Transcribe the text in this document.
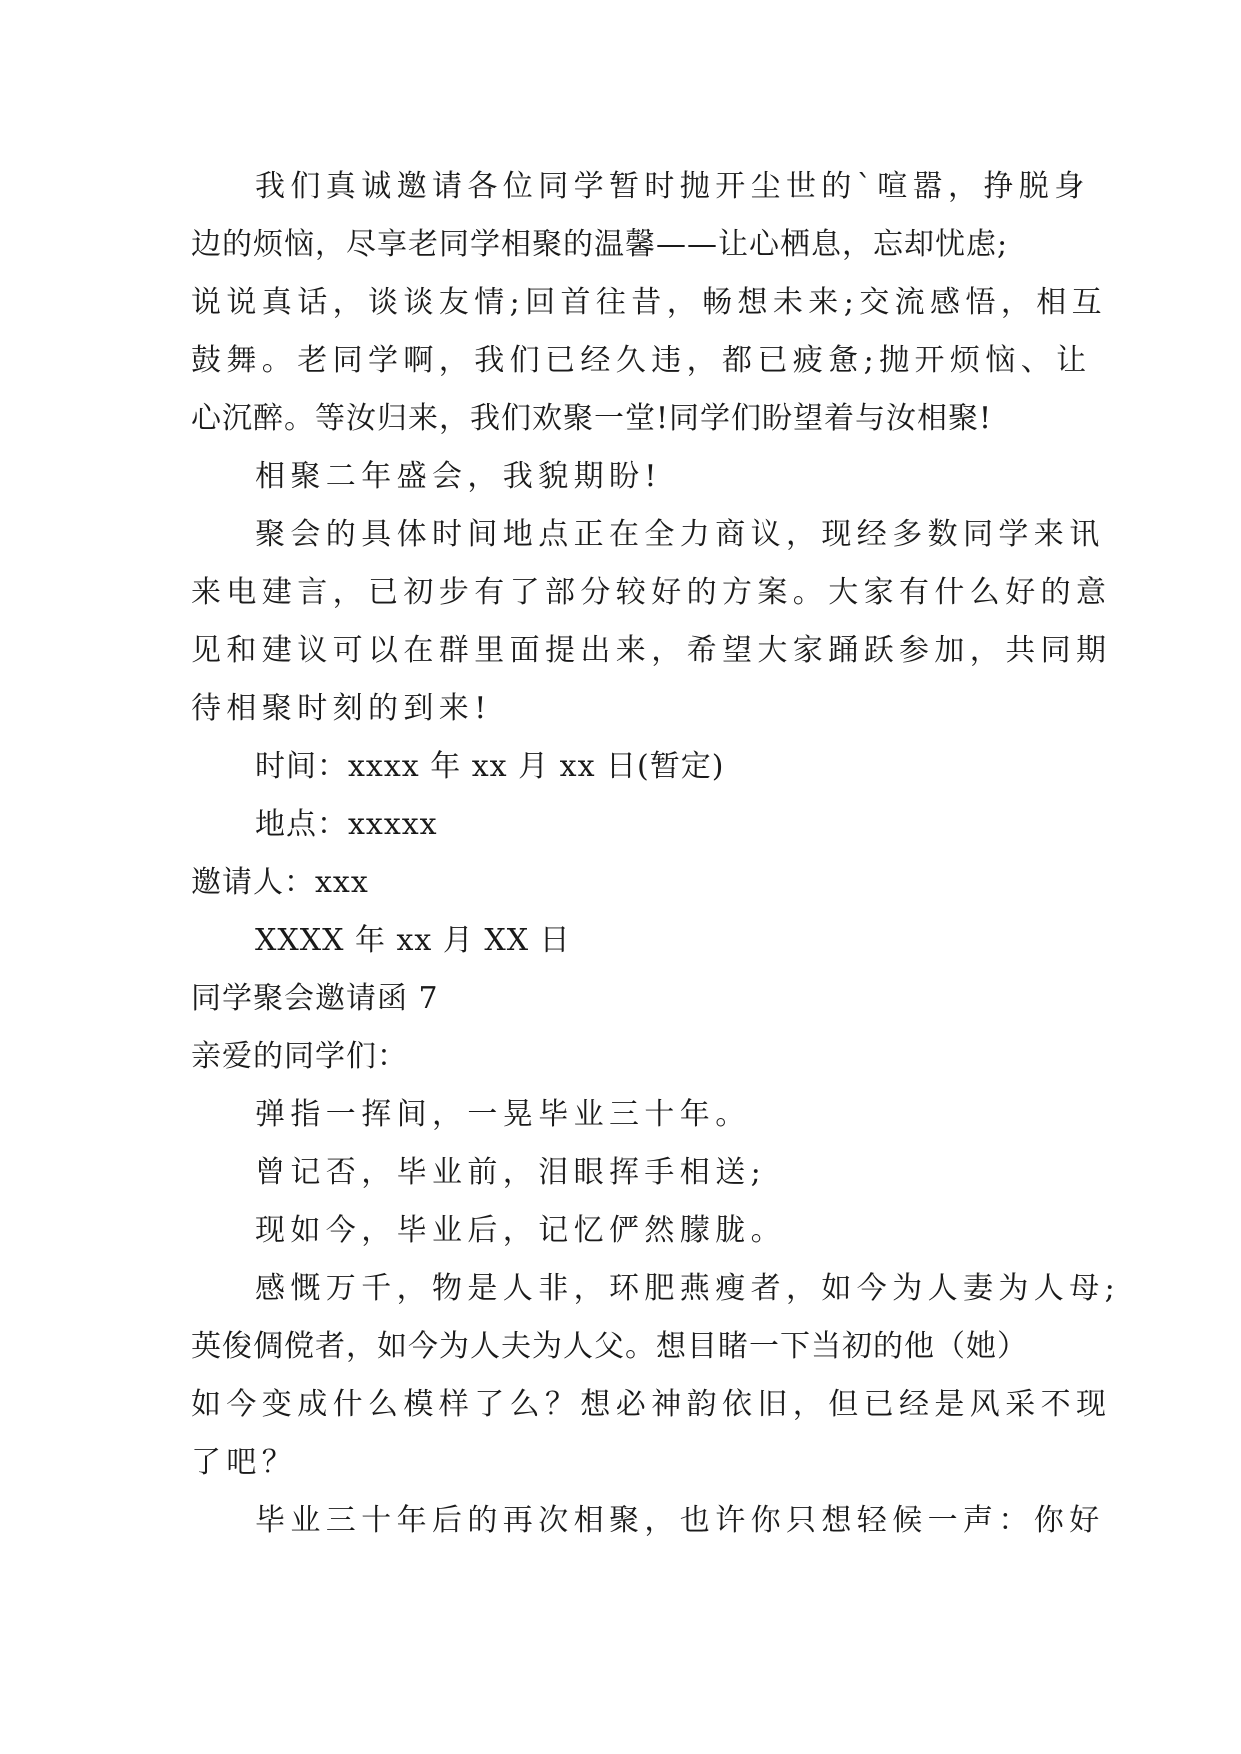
我们真诚邀请各位同学暂时抛开尘世的`喧嚣，挣脱身
边的烦恼，尽享老同学相聚的温馨——让心栖息，忘却忧虑;
说说真话，谈谈友情;回首往昔，畅想未来;交流感悟，相互
鼓舞。老同学啊，我们已经久违，都已疲惫;抛开烦恼、让
心沉醉。等汝归来，我们欢聚一堂!同学们盼望着与汝相聚!
相聚二年盛会，我貌期盼!
聚会的具体时间地点正在全力商议，现经多数同学来讯
来电建言，已初步有了部分较好的方案。大家有什么好的意
见和建议可以在群里面提出来，希望大家踊跃参加，共同期
待相聚时刻的到来!
时间：xxxx 年 xx 月 xx 日(暂定)
地点：xxxxx
邀请人：xxx
XXXX 年 xx 月 XX 日
同学聚会邀请函 7
亲爱的同学们：
弹指一挥间，一晃毕业三十年。
曾记否，毕业前，泪眼挥手相送;
现如今，毕业后，记忆俨然朦胧。
感慨万千，物是人非，环肥燕瘦者，如今为人妻为人母;
英俊倜傥者，如今为人夫为人父。想目睹一下当初的他（她）
如今变成什么模样了么？想必神韵依旧，但已经是风采不现
了吧？
毕业三十年后的再次相聚，也许你只想轻候一声：你好
